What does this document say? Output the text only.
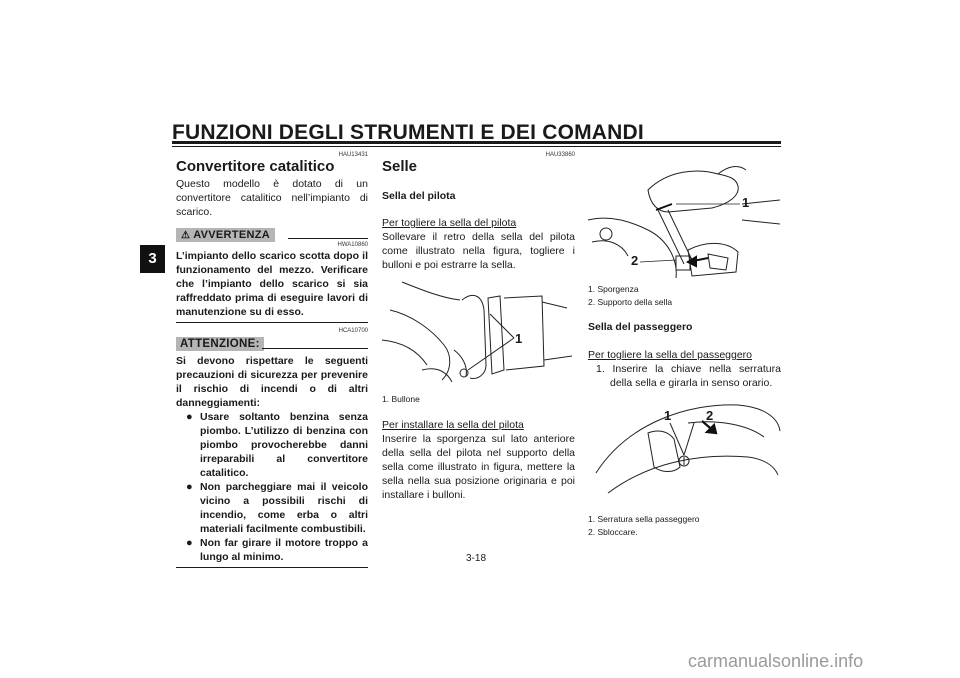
FUNZIONI DEGLI STRUMENTI E DEI COMANDI
3
HAU13431
Convertitore catalitico
Questo modello è dotato di un convertitore catalitico nell’impianto di scarico.
⚠ AVVERTENZA
HWA10860
L’impianto dello scarico scotta dopo il funzionamento del mezzo. Verificare che l’impianto dello scarico si sia raffreddato prima di eseguire lavori di manutenzione su di esso.
HCA10700
ATTENZIONE:
Si devono rispettare le seguenti precauzioni di sicurezza per prevenire il rischio di incendi o di altri danneggiamenti:
● Usare soltanto benzina senza piombo. L’utilizzo di benzina con piombo provocherebbe danni irreparabili al convertitore catalitico.
● Non parcheggiare mai il veicolo vicino a possibili rischi di incendio, come erba o altri materiali facilmente combustibili.
● Non far girare il motore troppo a lungo al minimo.
HAU33860
Selle
Sella del pilota
Per togliere la sella del pilota
Sollevare il retro della sella del pilota come illustrato nella figura, togliere i bulloni e poi estrarre la sella.
1
1. Bullone
Per installare la sella del pilota
Inserire la sporgenza sul lato anteriore della sella del pilota nel supporto della sella come illustrato in figura, mettere la sella nella sua posizione originaria e poi installare i bulloni.
1
2
1. Sporgenza
2. Supporto della sella
Sella del passeggero
Per togliere la sella del passeggero
1. Inserire la chiave nella serratura della sella e girarla in senso orario.
1	2
1. Serratura sella passeggero
2. Sbloccare.
3-18
carmanualsonline.info
